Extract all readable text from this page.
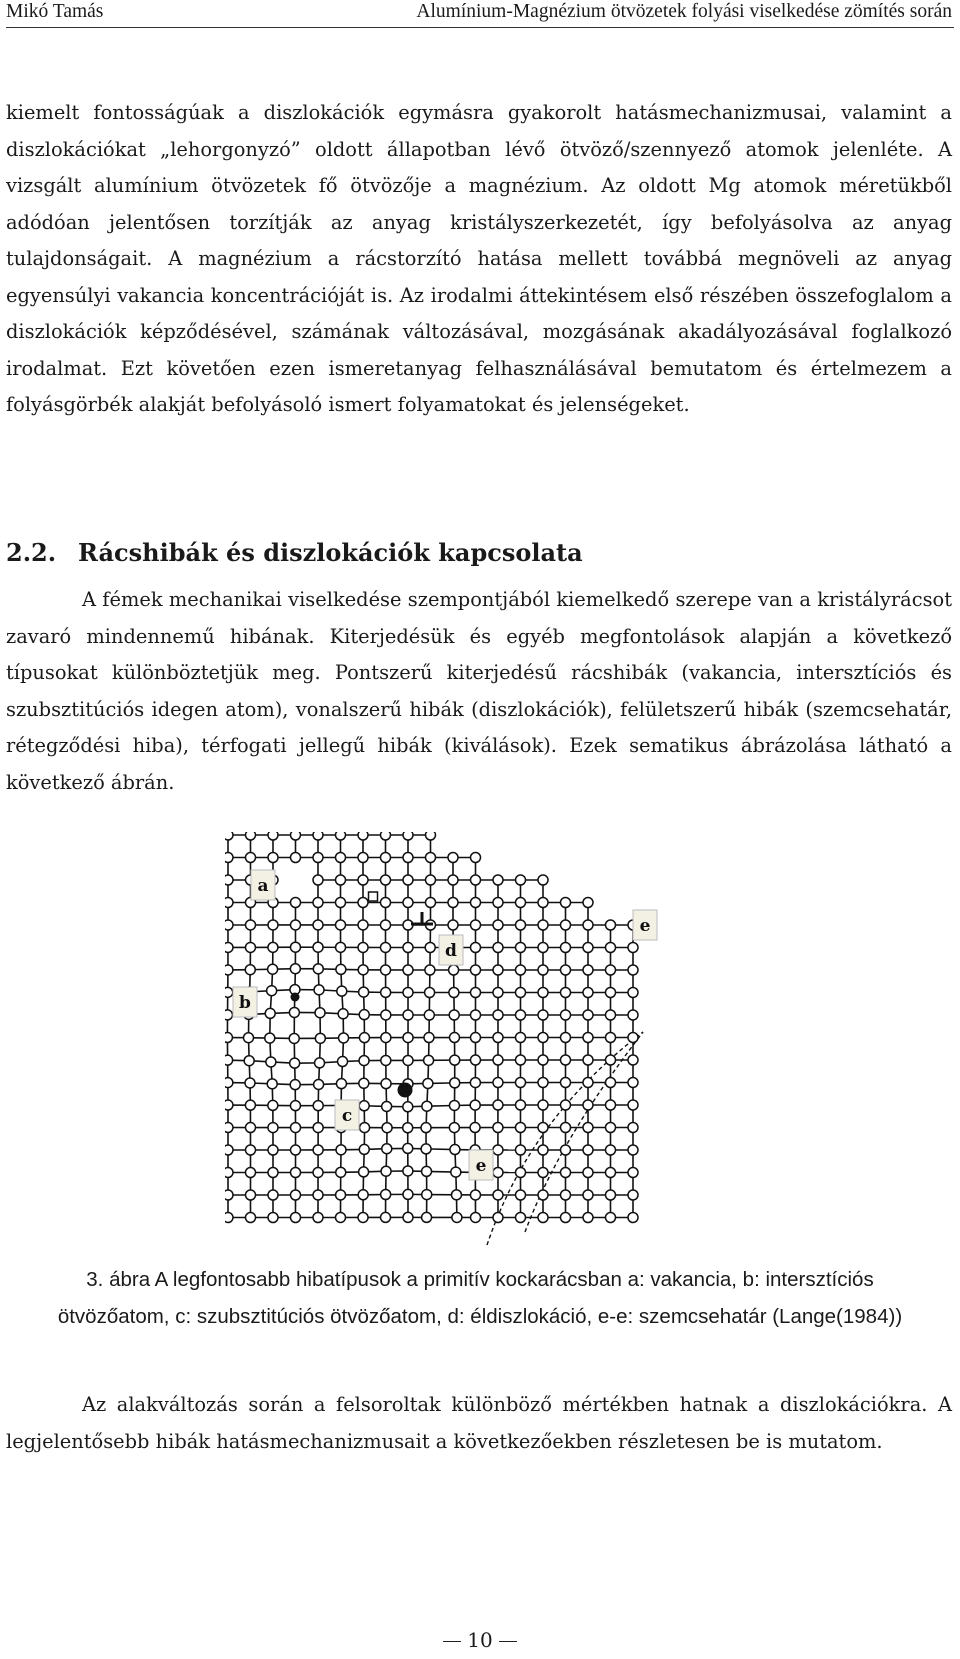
Mikó Tamás	Alumínium-Magnézium ötvözetek folyási viselkedése zömítés során
kiemelt fontosságúak a diszlokációk egymásra gyakorolt hatásmechanizmusai, valamint a diszlokációkat „lehorgonyzó” oldott állapotban lévő ötvöző/szennyező atomok jelenléte. A vizsgált alumínium ötvözetek fő ötvözője a magnézium. Az oldott Mg atomok méretükből adódóan jelentősen torzítják az anyag kristályszerkezetét, így befolyásolva az anyag tulajdonságait. A magnézium a rácstorzító hatása mellett továbbá megnöveli az anyag egyensúlyi vakancia koncentrációját is. Az irodalmi áttekintésem első részében összefoglalom a diszlokációk képződésével, számának változásával, mozgásának akadályozásával foglalkozó irodalmat. Ezt követően ezen ismeretanyag felhasználásával bemutatom és értelmezem a folyásgörbék alakját befolyásoló ismert folyamatokat és jelenségeket.
2.2. Rácshibák és diszlokációk kapcsolata
A fémek mechanikai viselkedése szempontjából kiemelkedő szerepe van a kristályrácsot zavaró mindennemű hibának. Kiterjedésük és egyéb megfontolások alapján a következő típusokat különböztetjük meg. Pontszerű kiterjedésű rácshibák (vakancia, intersztíciós és szubsztitúciós idegen atom), vonalszerű hibák (diszlokációk), felületszerű hibák (szemcsehatár, rétegződési hiba), térfogati jellegű hibák (kiválások). Ezek sematikus ábrázolása látható a következő ábrán.
a
b
c
d
e
e
3. ábra A legfontosabb hibatípusok a primitív kockarácsban a: vakancia, b: intersztíciós ötvözőatom, c: szubsztitúciós ötvözőatom, d: éldiszlokáció, e-e: szemcsehatár (Lange(1984))
Az alakváltozás során a felsoroltak különböző mértékben hatnak a diszlokációkra. A legjelentősebb hibák hatásmechanizmusait a következőekben részletesen be is mutatom.
10
